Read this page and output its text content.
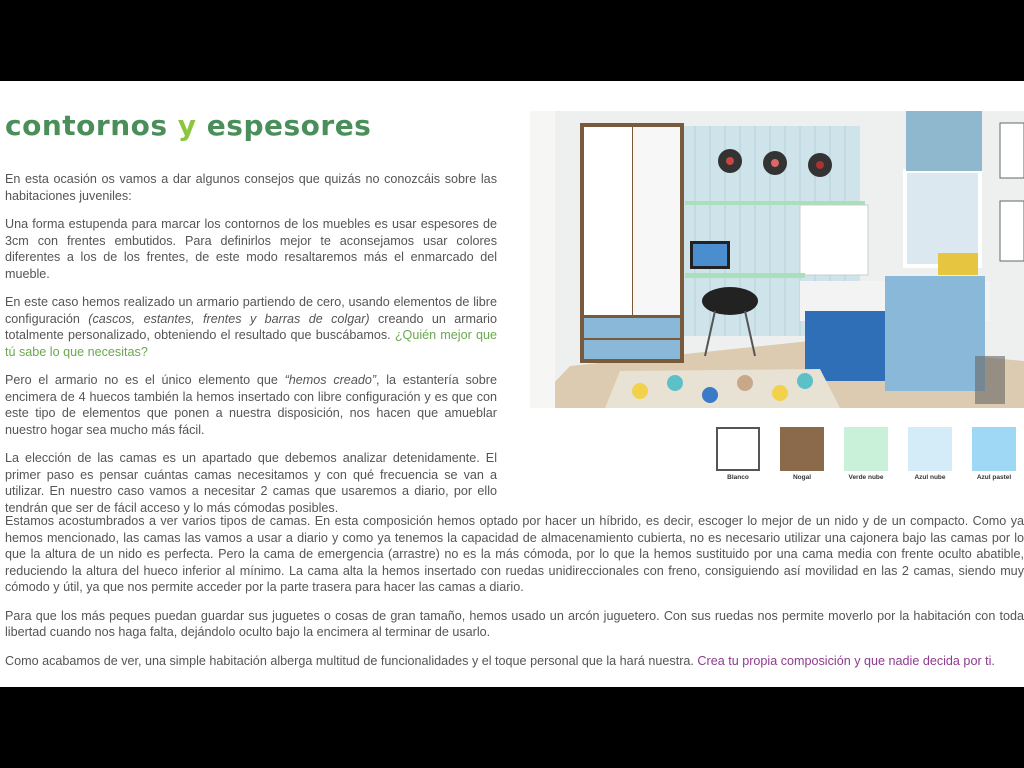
contornos y espesores

En esta ocasión os vamos a dar algunos consejos que quizás no conozcáis sobre las habitaciones juveniles:

Una forma estupenda para marcar los contornos de los muebles es usar espesores de 3cm con frentes embutidos. Para definirlos mejor te aconsejamos usar colores diferentes a los de los frentes, de este modo resaltaremos más el enmarcado del mueble.

En este caso hemos realizado un armario partiendo de cero, usando elementos de libre configuración (cascos, estantes, frentes y barras de colgar) creando un armario totalmente personalizado, obteniendo el resultado que buscábamos. ¿Quién mejor que tú sabe lo que necesitas?

Pero el armario no es el único elemento que “hemos creado”, la estantería sobre encimera de 4 huecos también la hemos insertado con libre configuración y es que con este tipo de elementos que ponen a nuestra disposición, nos hacen que amueblar nuestro hogar sea mucho más fácil.

La elección de las camas es un apartado que debemos analizar detenidamente. El primer paso es pensar cuántas camas necesitamos y con qué frecuencia se van a utilizar. En nuestro caso vamos a necesitar 2 camas que usaremos a diario, por ello tendrán que ser de fácil acceso y lo más cómodas posibles.

Blanco	Nogal	Verde nube	Azul nube	Azul pastel

Estamos acostumbrados a ver varios tipos de camas. En esta composición hemos optado por hacer un híbrido, es decir, escoger lo mejor de un nido y de un compacto. Como ya hemos mencionado, las camas las vamos a usar a diario y como ya tenemos la capacidad de almacenamiento cubierta, no es necesario utilizar una cajonera bajo las camas por lo que la altura de un nido es perfecta. Pero la cama de emergencia (arrastre) no es la más cómoda, por lo que la hemos sustituido por una cama media con frente oculto abatible, reduciendo la altura del hueco inferior al mínimo. La cama alta la hemos insertado con ruedas unidireccionales con freno, consiguiendo así movilidad en las 2 camas, siendo muy cómodo y útil, ya que nos permite acceder por la parte trasera para hacer las camas a diario.

Para que los más peques puedan guardar sus juguetes o cosas de gran tamaño, hemos usado un arcón juguetero. Con sus ruedas nos permite moverlo por la habitación con toda libertad cuando nos haga falta, dejándolo oculto bajo la encimera al terminar de usarlo.

Como acabamos de ver, una simple habitación alberga multitud de funcionalidades y el toque personal que la hará nuestra. Crea tu propia composición y que nadie decida por ti.
